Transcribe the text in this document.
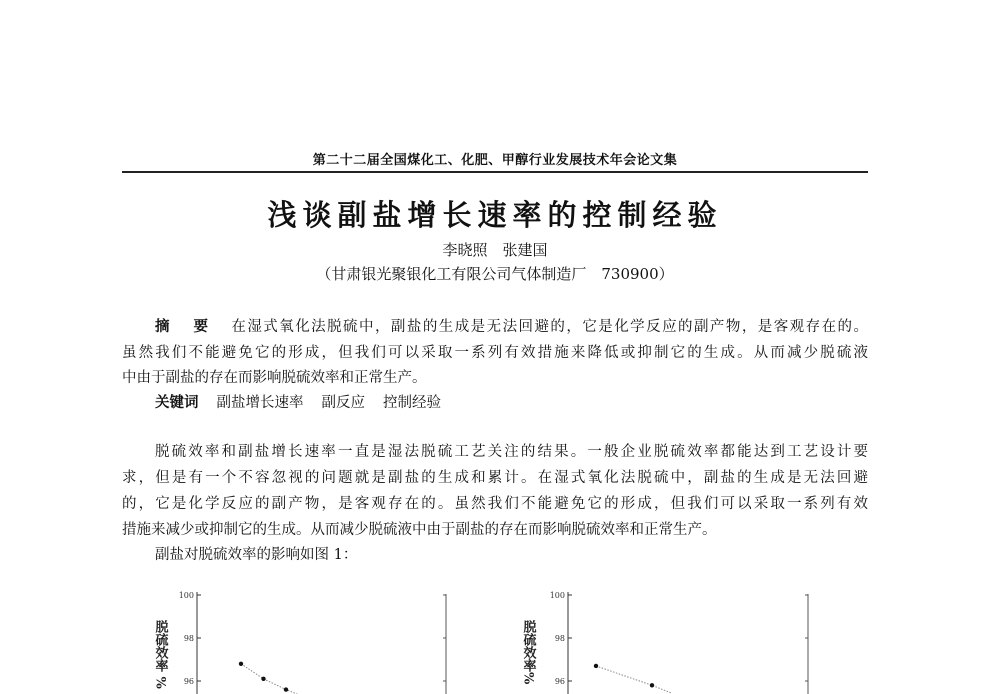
第二十二届全国煤化工、化肥、甲醇行业发展技术年会论文集
浅谈副盐增长速率的控制经验
李晓照　张建国
（甘肃银光聚银化工有限公司气体制造厂　730900）
摘 要 在湿式氧化法脱硫中，副盐的生成是无法回避的，它是化学反应的副产物，是客观存在的。
虽然我们不能避免它的形成，但我们可以采取一系列有效措施来降低或抑制它的生成。从而减少脱硫液
中由于副盐的存在而影响脱硫效率和正常生产。
关键词 副盐增长速率 副反应 控制经验
脱硫效率和副盐增长速率一直是湿法脱硫工艺关注的结果。一般企业脱硫效率都能达到工艺设计要
求，但是有一个不容忽视的问题就是副盐的生成和累计。在湿式氧化法脱硫中，副盐的生成是无法回避
的，它是化学反应的副产物，是客观存在的。虽然我们不能避免它的形成，但我们可以采取一系列有效
措施来减少或抑制它的生成。从而减少脱硫液中由于副盐的存在而影响脱硫效率和正常生产。
副盐对脱硫效率的影响如图 1：
100
98
96
脱硫效率 %
100
98
96
脱硫效率%
